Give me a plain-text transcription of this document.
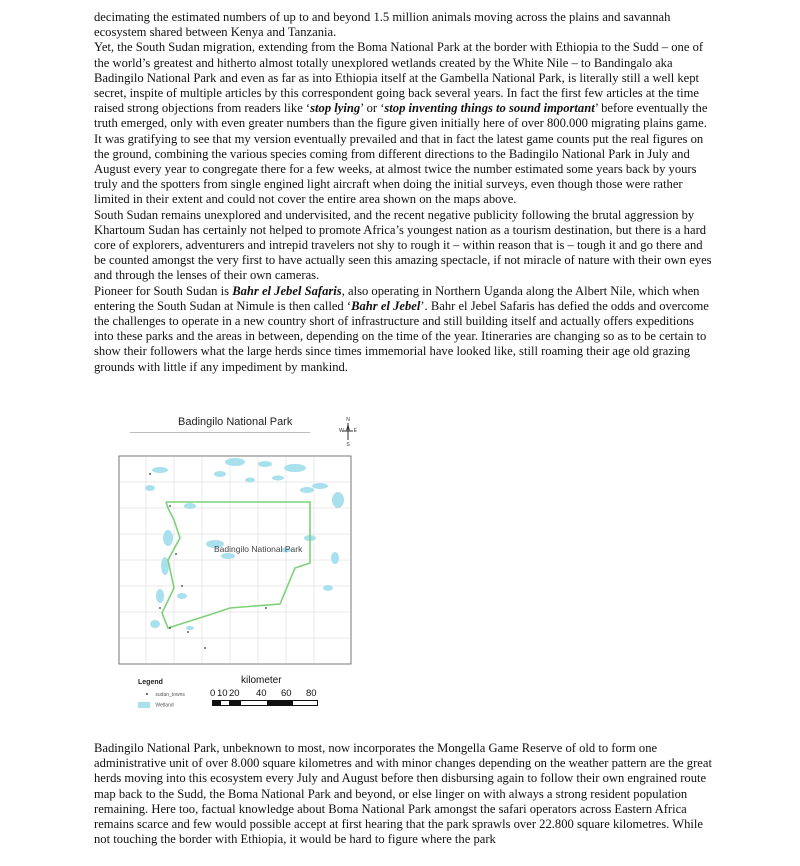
decimating the estimated numbers of up to and beyond 1.5 million animals moving across the plains and savannah ecosystem shared between Kenya and Tanzania.

Yet, the South Sudan migration, extending from the Boma National Park at the border with Ethiopia to the Sudd – one of the world’s greatest and hitherto almost totally unexplored wetlands created by the White Nile – to Bandingalo aka Badingilo National Park and even as far as into Ethiopia itself at the Gambella National Park, is literally still a well kept secret, inspite of multiple articles by this correspondent going back several years. In fact the first few articles at the time raised strong objections from readers like ‘stop lying’ or ‘stop inventing things to sound important’ before eventually the truth emerged, only with even greater numbers than the figure given initially here of over 800.000 migrating plains game.

It was gratifying to see that my version eventually prevailed and that in fact the latest game counts put the real figures on the ground, combining the various species coming from different directions to the Badingilo National Park in July and August every year to congregate there for a few weeks, at almost twice the number estimated some years back by yours truly and the spotters from single engined light aircraft when doing the initial surveys, even though those were rather limited in their extent and could not cover the entire area shown on the maps above.

South Sudan remains unexplored and undervisited, and the recent negative publicity following the brutal aggression by Khartoum Sudan has certainly not helped to promote Africa’s youngest nation as a tourism destination, but there is a hard core of explorers, adventurers and intrepid travelers not shy to rough it – within reason that is – tough it and go there and be counted amongst the very first to have actually seen this amazing spectacle, if not miracle of nature with their own eyes and through the lenses of their own cameras.

Pioneer for South Sudan is Bahr el Jebel Safaris, also operating in Northern Uganda along the Albert Nile, which when entering the South Sudan at Nimule is then called ‘Bahr el Jebel’. Bahr el Jebel Safaris has defied the odds and overcome the challenges to operate in a new country short of infrastructure and still building itself and actually offers expeditions into these parks and the areas in between, depending on the time of the year. Itineraries are changing so as to be certain to show their followers what the large herds since times immemorial have looked like, still roaming their age old grazing grounds with little if any impediment by mankind.

Badingilo National Park	N
W E
S
Badingilo National Park
Legend
sudan_towns
Wetland
kilometer
0 10 20 40 60 80

Badingilo National Park, unbeknown to most, now incorporates the Mongella Game Reserve of old to form one administrative unit of over 8.000 square kilometres and with minor changes depending on the weather pattern are the great herds moving into this ecosystem every July and August before then disbursing again to follow their own engrained route map back to the Sudd, the Boma National Park and beyond, or else linger on with always a strong resident population remaining. Here too, factual knowledge about Boma National Park amongst the safari operators across Eastern Africa remains scarce and few would possible accept at first hearing that the park sprawls over 22.800 square kilometres. While not touching the border with Ethiopia, it would be hard to figure where the park
